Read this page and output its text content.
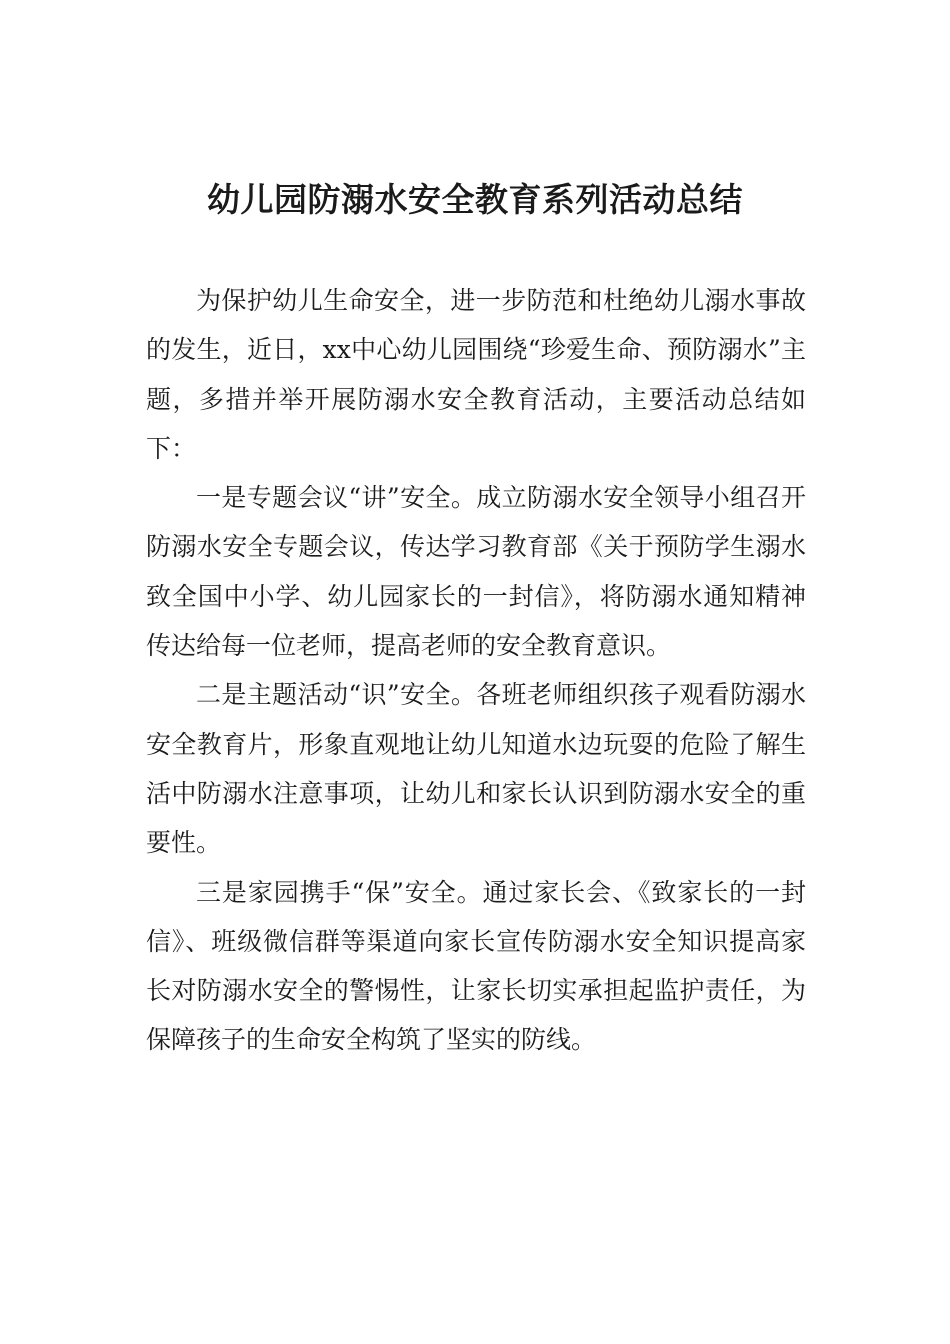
幼儿园防溺水安全教育系列活动总结

为保护幼儿生命安全，进一步防范和杜绝幼儿溺水事故的发生，近日，xx中心幼儿园围绕“珍爱生命、预防溺水”主题，多措并举开展防溺水安全教育活动，主要活动总结如下：

一是专题会议“讲”安全。成立防溺水安全领导小组召开防溺水安全专题会议，传达学习教育部《关于预防学生溺水致全国中小学、幼儿园家长的一封信》，将防溺水通知精神传达给每一位老师，提高老师的安全教育意识。

二是主题活动“识”安全。各班老师组织孩子观看防溺水安全教育片，形象直观地让幼儿知道水边玩耍的危险了解生活中防溺水注意事项，让幼儿和家长认识到防溺水安全的重要性。

三是家园携手“保”安全。通过家长会、《致家长的一封信》、班级微信群等渠道向家长宣传防溺水安全知识提高家长对防溺水安全的警惕性，让家长切实承担起监护责任，为保障孩子的生命安全构筑了坚实的防线。
